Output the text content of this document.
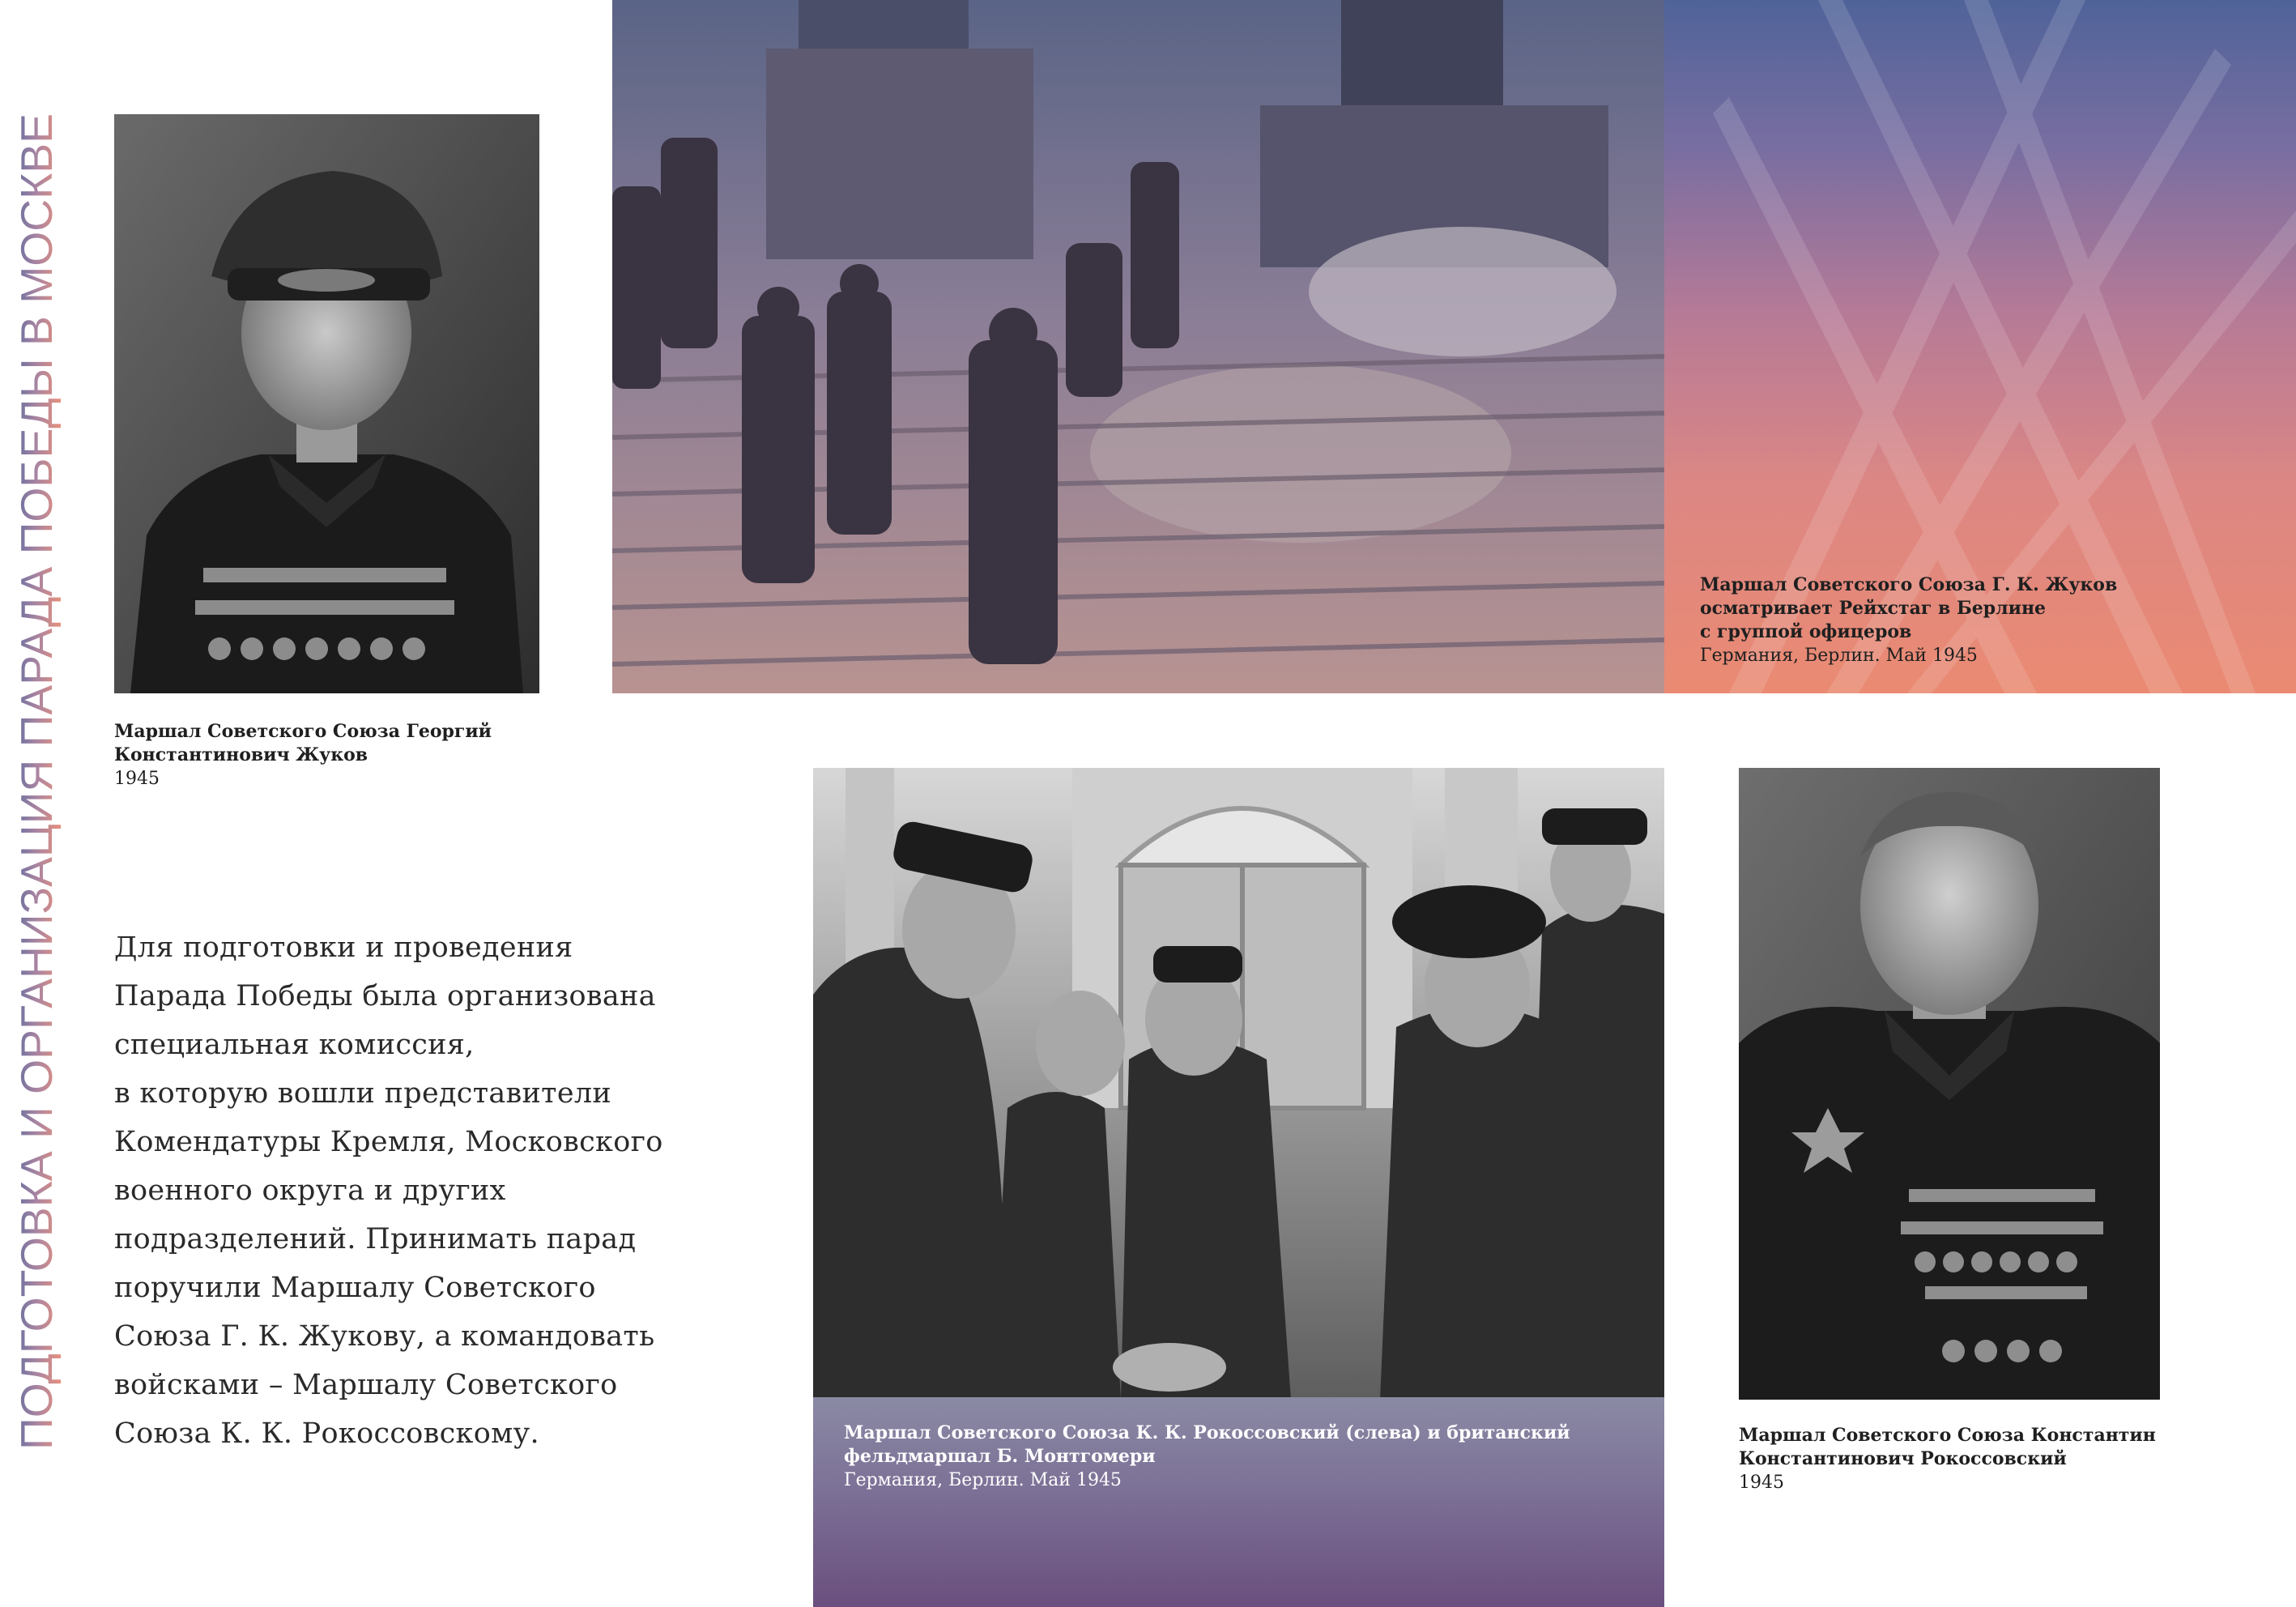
ПОДГОТОВКА И ОРГАНИЗАЦИЯ ПАРАДА ПОБЕДЫ В МОСКВЕ	Маршал Советского Союза Георгий
Константинович Жуков
1945
Маршал Советского Союза Г. К. Жуков
осматривает Рейхстаг в Берлине
с группой офицеров
Германия, Берлин. Май 1945
Для подготовки и проведения
Парада Победы была организована
специальная комиссия,
в которую вошли представители
Комендатуры Кремля, Московского
военного округа и других
подразделений. Принимать парад
поручили Маршалу Советского
Союза Г. К. Жукову, а командовать
войсками – Маршалу Советского
Союза К. К. Рокоссовскому.	Маршал Советского Союза К. К. Рокоссовский (слева) и британский
фельдмаршал Б. Монтгомери
Германия, Берлин. Май 1945
Маршал Советского Союза Константин
Константинович Рокоссовский
1945
